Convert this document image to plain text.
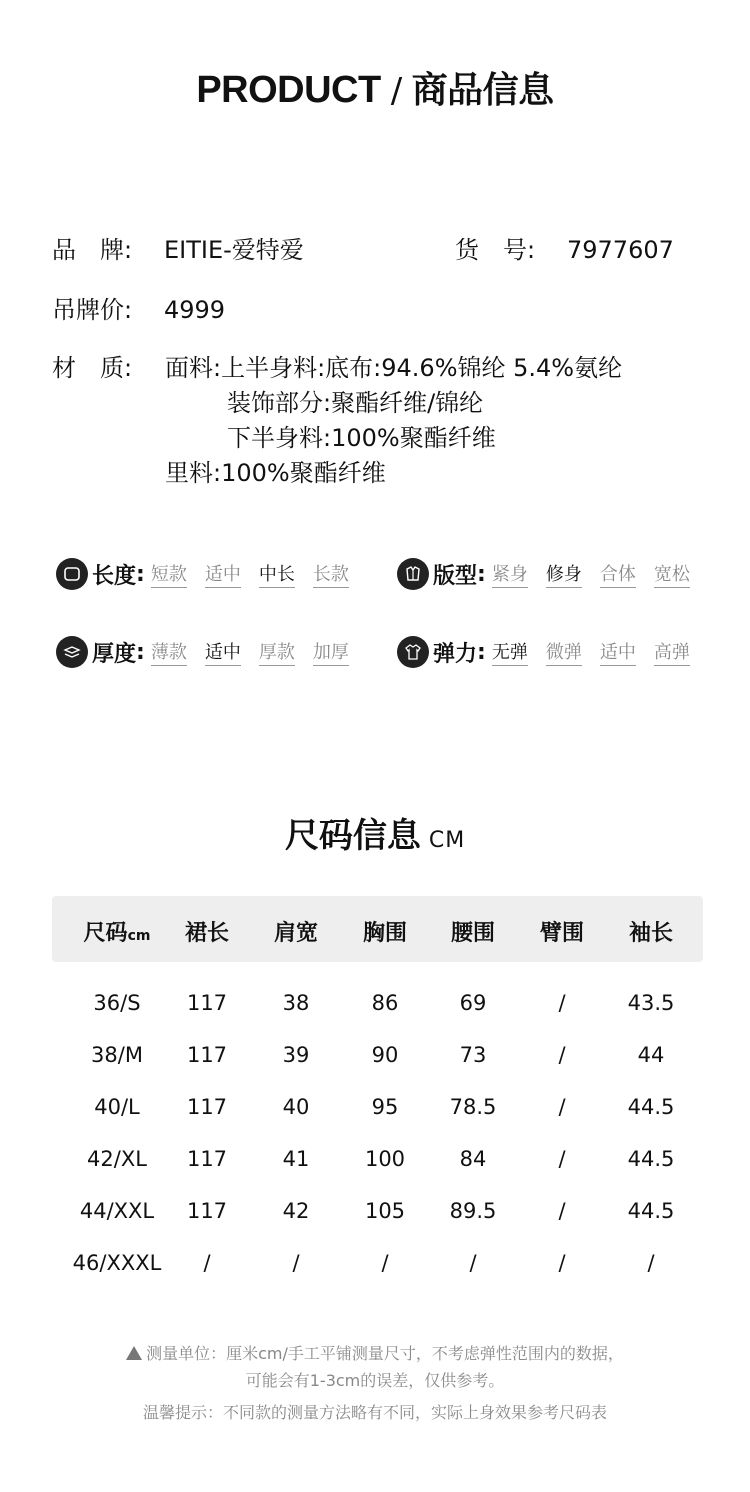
PRODUCT / 商品信息
品　牌: EITIE-爱特爱	货　号: 7977607
吊牌价: 4999
材　质:	面料:上半身料:底布:94.6%锦纶 5.4%氨纶
装饰部分:聚酯纤维/锦纶
下半身料:100%聚酯纤维
里料:100%聚酯纤维
长度 : 短款 适中 中长 长款	版型 : 紧身 修身 合体 宽松
厚度 : 薄款 适中 厚款 加厚	弹力 : 无弹 微弹 适中 高弹
尺码信息 CM
尺码cm	裙长	肩宽	胸围	腰围	臂围	袖长
36/S	117	38	86	69	/	43.5
38/M	117	39	90	73	/	44
40/L	117	40	95	78.5	/	44.5
42/XL	117	41	100	84	/	44.5
44/XXL	117	42	105	89.5	/	44.5
46/XXXL	/	/	/	/	/	/
测量单位：厘米cm/手工平铺测量尺寸，不考虑弹性范围内的数据，
可能会有1-3cm的误差，仅供参考。
温馨提示：不同款的测量方法略有不同，实际上身效果参考尺码表
